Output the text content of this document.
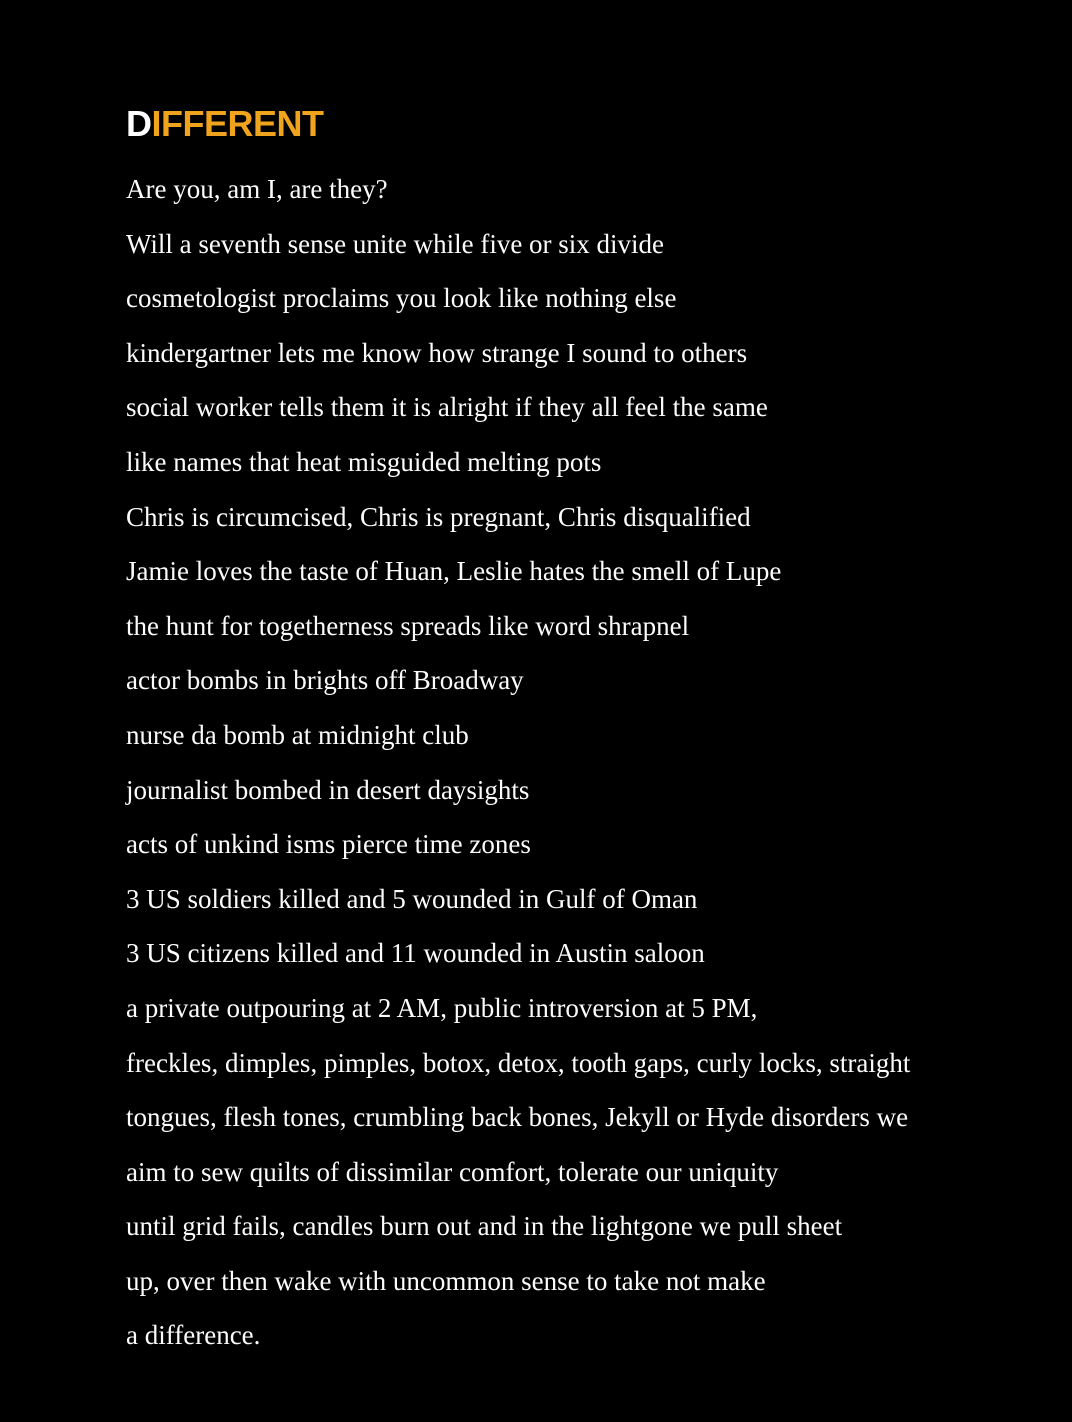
DIFFERENT
Are you, am I, are they?
Will a seventh sense unite while five or six divide
cosmetologist proclaims you look like nothing else
kindergartner lets me know how strange I sound to others
social worker tells them it is alright if they all feel the same
like names that heat misguided melting pots
Chris is circumcised, Chris is pregnant, Chris disqualified
Jamie loves the taste of Huan, Leslie hates the smell of Lupe
the hunt for togetherness spreads like word shrapnel
actor bombs in brights off Broadway
nurse da bomb at midnight club
journalist bombed in desert daysights
acts of unkind isms pierce time zones
3 US soldiers killed and 5 wounded in Gulf of Oman
3 US citizens killed and 11 wounded in Austin saloon
a private outpouring at 2 AM, public introversion at 5 PM,
freckles, dimples, pimples, botox, detox, tooth gaps, curly locks, straight
tongues, flesh tones, crumbling back bones, Jekyll or Hyde disorders we
aim to sew quilts of dissimilar comfort, tolerate our uniquity
until grid fails, candles burn out and in the lightgone we pull sheet
up, over then wake with uncommon sense to take not make
a difference.
